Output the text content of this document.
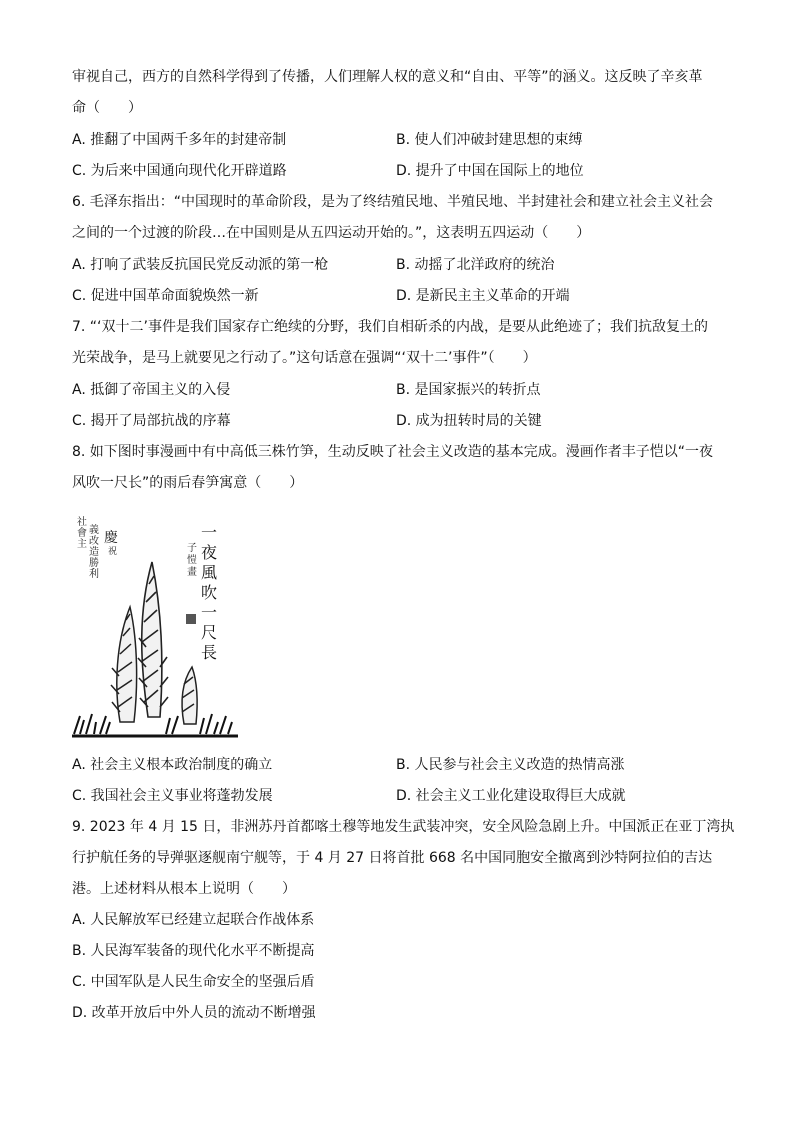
审视自己，西方的自然科学得到了传播，人们理解人权的意义和“自由、平等”的涵义。这反映了辛亥革
命（　　）
A. 推翻了中国两千多年的封建帝制	B. 使人们冲破封建思想的束缚
C. 为后来中国通向现代化开辟道路	D. 提升了中国在国际上的地位
6. 毛泽东指出：“中国现时的革命阶段，是为了终结殖民地、半殖民地、半封建社会和建立社会主义社会
之间的一个过渡的阶段…在中国则是从五四运动开始的。”，这表明五四运动（　　）
A. 打响了武装反抗国民党反动派的第一枪	B. 动摇了北洋政府的统治
C. 促进中国革命面貌焕然一新	D. 是新民主主义革命的开端
7. “‘双十二’事件是我们国家存亡绝续的分野，我们自相斫杀的内战，是要从此绝迹了；我们抗敌复土的
光荣战争，是马上就要见之行动了。”这句话意在强调“‘双十二’事件”（　　）
A. 抵御了帝国主义的入侵	B. 是国家振兴的转折点
C. 揭开了局部抗战的序幕	D. 成为扭转时局的关键
8. 如下图时事漫画中有中高低三株竹笋，生动反映了社会主义改造的基本完成。漫画作者丰子恺以“一夜
风吹一尺长”的雨后春笋寓意（　　）
社會主 義改造勝利 慶
祝	一夜風吹一尺長
子愷畫
A. 社会主义根本政治制度的确立	B. 人民参与社会主义改造的热情高涨
C. 我国社会主义事业将蓬勃发展	D. 社会主义工业化建设取得巨大成就
9. 2023 年 4 月 15 日，非洲苏丹首都喀土穆等地发生武装冲突，安全风险急剧上升。中国派正在亚丁湾执
行护航任务的导弹驱逐舰南宁舰等，于 4 月 27 日将首批 668 名中国同胞安全撤离到沙特阿拉伯的吉达
港。上述材料从根本上说明（　　）
A. 人民解放军已经建立起联合作战体系
B. 人民海军装备的现代化水平不断提高
C. 中国军队是人民生命安全的坚强后盾
D. 改革开放后中外人员的流动不断增强
